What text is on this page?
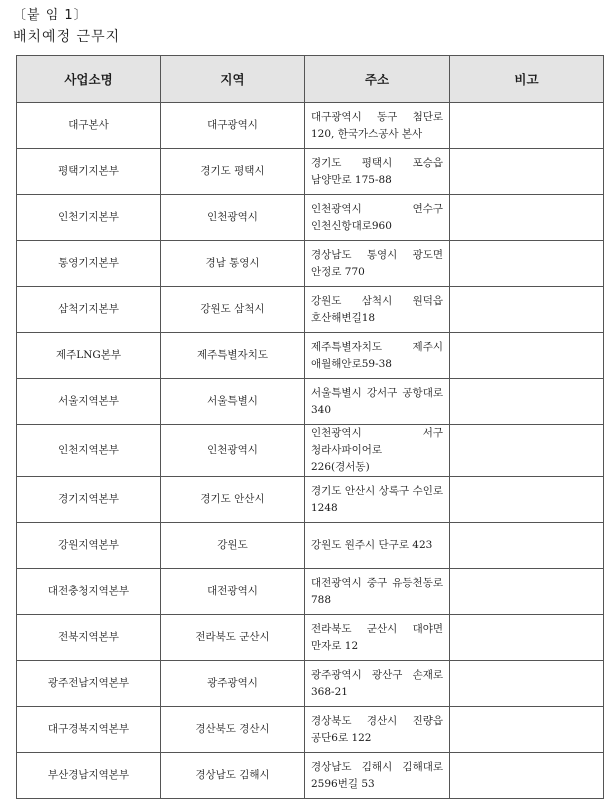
〔붙 임 1〕
배치예정 근무지
사업소명	지역	주소	비고
대구본사	대구광역시	대구광역시 동구 첨단로 120, 한국가스공사 본사	
평택기지본부	경기도 평택시	경기도 평택시 포승읍 남양만로 175-88	
인천기지본부	인천광역시	인천광역시 연수구 인천신항대로960	
통영기지본부	경남 통영시	경상남도 통영시 광도면 안정로 770	
삼척기지본부	강원도 삼척시	강원도 삼척시 원덕읍 호산해변길18	
제주LNG본부	제주특별자치도	제주특별자치도 제주시 애월해안로59-38	
서울지역본부	서울특별시	서울특별시 강서구 공항대로 340	
인천지역본부	인천광역시	인천광역시 서구 청라사파이어로 226(경서동)	
경기지역본부	경기도 안산시	경기도 안산시 상록구 수인로 1248	
강원지역본부	강원도	강원도 원주시 단구로 423	
대전충청지역본부	대전광역시	대전광역시 중구 유등천동로 788	
전북지역본부	전라북도 군산시	전라북도 군산시 대야면 만자로 12	
광주전남지역본부	광주광역시	광주광역시 광산구 손재로 368-21	
대구경북지역본부	경산북도 경산시	경상북도 경산시 진량읍 공단6로 122	
부산경남지역본부	경상남도 김해시	경상남도 김해시 김해대로 2596번길 53	
